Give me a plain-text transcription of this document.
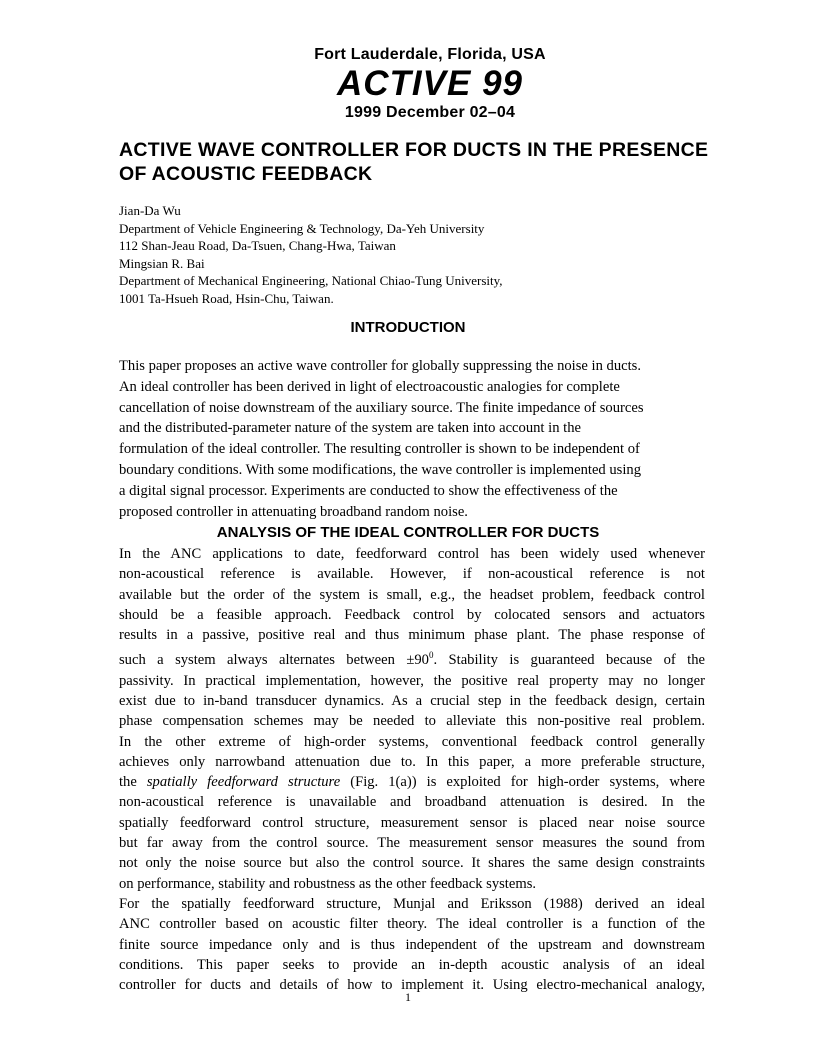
Fort Lauderdale, Florida, USA
ACTIVE 99
1999 December 02–04
ACTIVE WAVE CONTROLLER FOR DUCTS IN THE PRESENCE
OF ACOUSTIC FEEDBACK
Jian-Da Wu
Department of Vehicle Engineering & Technology, Da-Yeh University
112 Shan-Jeau Road, Da-Tsuen, Chang-Hwa, Taiwan
Mingsian R. Bai
Department of Mechanical Engineering, National Chiao-Tung University,
1001 Ta-Hsueh Road, Hsin-Chu, Taiwan.
INTRODUCTION
This paper proposes an active wave controller for globally suppressing the noise in ducts.
An ideal controller has been derived in light of electroacoustic analogies for complete
cancellation of noise downstream of the auxiliary source. The finite impedance of sources
and the distributed-parameter nature of the system are taken into account in the
formulation of the ideal controller. The resulting controller is shown to be independent of
boundary conditions. With some modifications, the wave controller is implemented using
a digital signal processor. Experiments are conducted to show the effectiveness of the
proposed controller in attenuating broadband random noise.
ANALYSIS OF THE IDEAL CONTROLLER FOR DUCTS
In the ANC applications to date, feedforward control has been widely used whenever
non-acoustical reference is available. However, if non-acoustical reference is not
available but the order of the system is small, e.g., the headset problem, feedback control
should be a feasible approach. Feedback control by colocated sensors and actuators
results in a passive, positive real and thus minimum phase plant. The phase response of
such a system always alternates between $\pm 90^0$. Stability is guaranteed because of the
passivity. In practical implementation, however, the positive real property may no longer
exist due to in-band transducer dynamics. As a crucial step in the feedback design, certain
phase compensation schemes may be needed to alleviate this non-positive real problem.
In the other extreme of high-order systems, conventional feedback control generally
achieves only narrowband attenuation due to. In this paper, a more preferable structure,
the spatially feedforward structure (Fig. 1(a)) is exploited for high-order systems, where
non-acoustical reference is unavailable and broadband attenuation is desired. In the
spatially feedforward control structure, measurement sensor is placed near noise source
but far away from the control source. The measurement sensor measures the sound from
not only the noise source but also the control source. It shares the same design constraints
on performance, stability and robustness as the other feedback systems.
For the spatially feedforward structure, Munjal and Eriksson (1988) derived an ideal
ANC controller based on acoustic filter theory. The ideal controller is a function of the
finite source impedance only and is thus independent of the upstream and downstream
conditions. This paper seeks to provide an in-depth acoustic analysis of an ideal
controller for ducts and details of how to implement it. Using electro-mechanical analogy,
1
